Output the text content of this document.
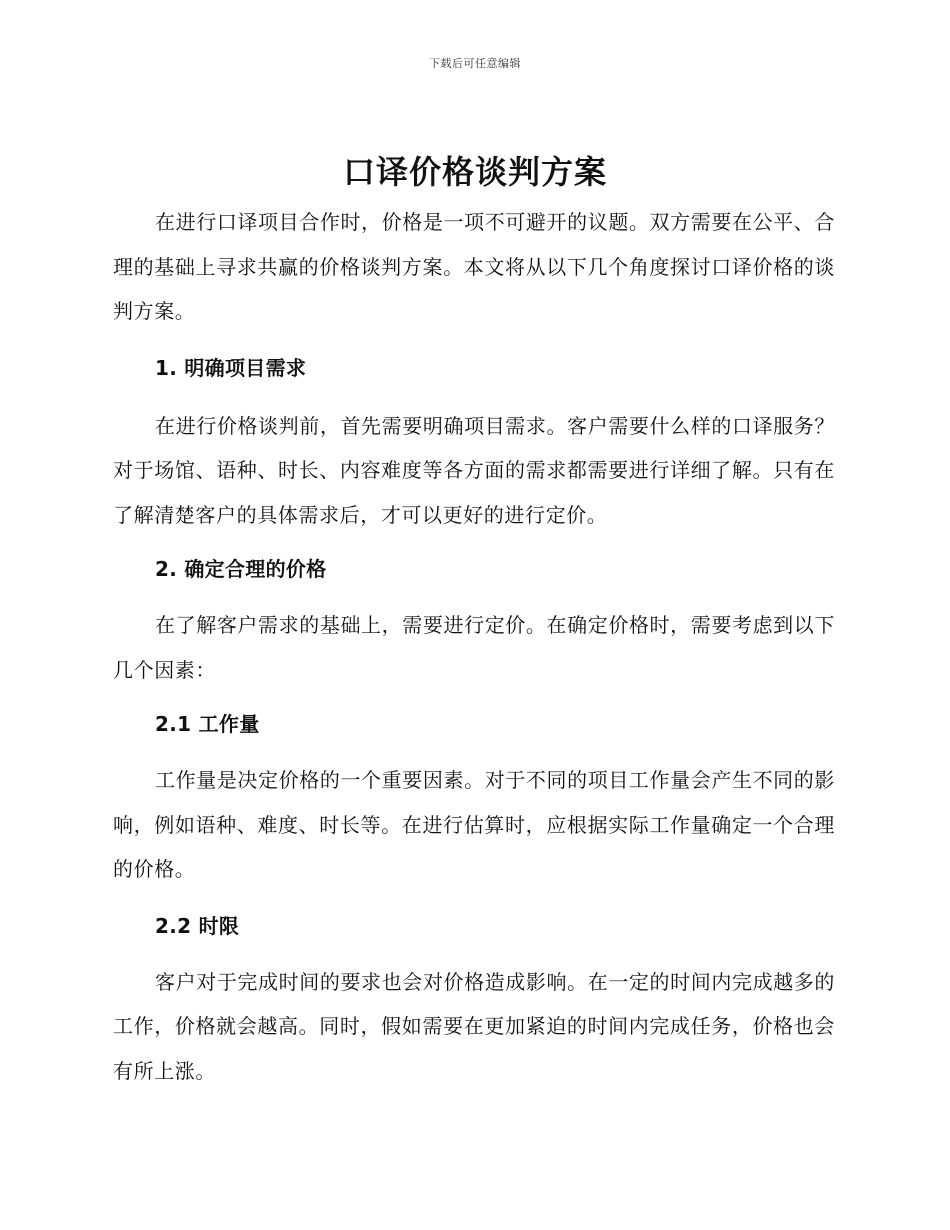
下载后可任意编辑
口译价格谈判方案

在进行口译项目合作时，价格是一项不可避开的议题。双方需要在公平、合理的基础上寻求共赢的价格谈判方案。本文将从以下几个角度探讨口译价格的谈判方案。

1. 明确项目需求

在进行价格谈判前，首先需要明确项目需求。客户需要什么样的口译服务？对于场馆、语种、时长、内容难度等各方面的需求都需要进行详细了解。只有在了解清楚客户的具体需求后，才可以更好的进行定价。

2. 确定合理的价格

在了解客户需求的基础上，需要进行定价。在确定价格时，需要考虑到以下几个因素：

2.1 工作量

工作量是决定价格的一个重要因素。对于不同的项目工作量会产生不同的影响，例如语种、难度、时长等。在进行估算时，应根据实际工作量确定一个合理的价格。

2.2 时限

客户对于完成时间的要求也会对价格造成影响。在一定的时间内完成越多的工作，价格就会越高。同时，假如需要在更加紧迫的时间内完成任务，价格也会有所上涨。
